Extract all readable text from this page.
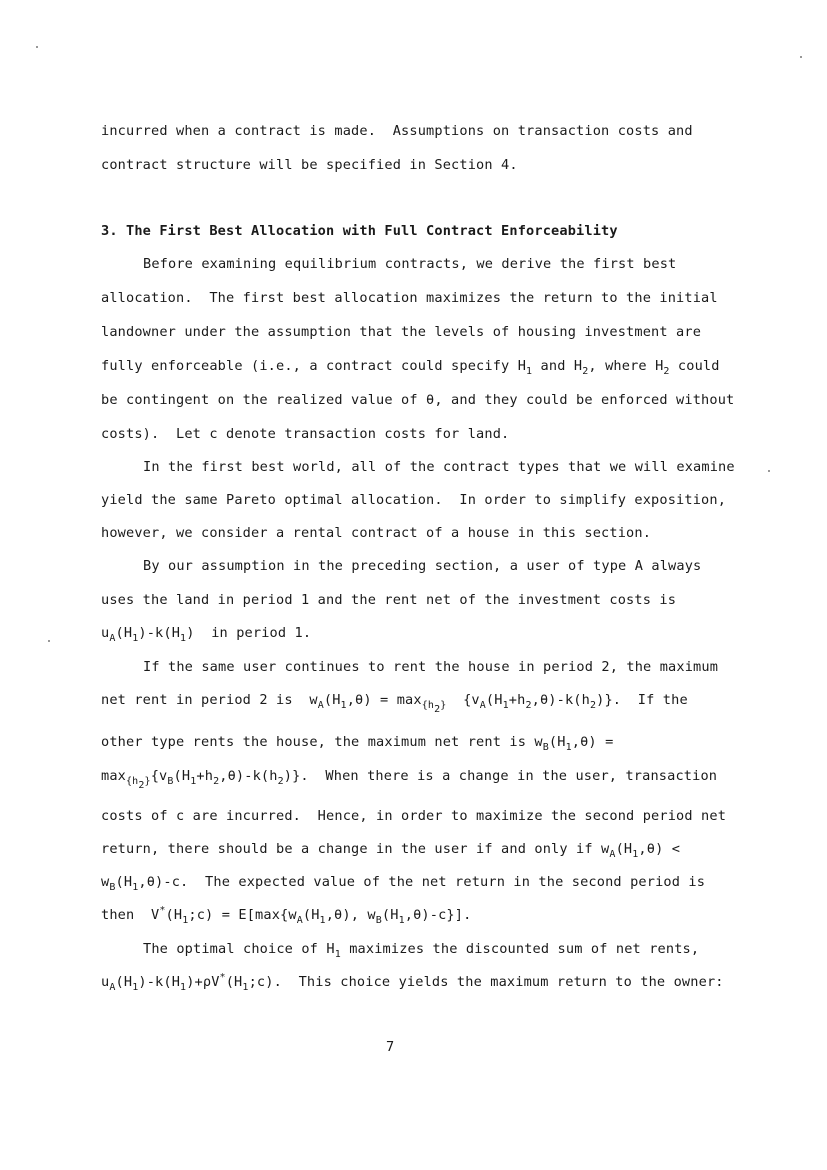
incurred when a contract is made.  Assumptions on transaction costs and
contract structure will be specified in Section 4.
3. The First Best Allocation with Full Contract Enforceability
Before examining equilibrium contracts, we derive the first best
allocation.  The first best allocation maximizes the return to the initial
landowner under the assumption that the levels of housing investment are
fully enforceable (i.e., a contract could specify $H_1$ and $H_2$, where $H_2$ could
be contingent on the realized value of θ, and they could be enforced without
costs).  Let c denote transaction costs for land.
In the first best world, all of the contract types that we will examine
yield the same Pareto optimal allocation.  In order to simplify exposition,
however, we consider a rental contract of a house in this section.
By our assumption in the preceding section, a user of type A always
uses the land in period 1 and the rent net of the investment costs is
$u_A(H_1)-k(H_1)$  in period 1.
If the same user continues to rent the house in period 2, the maximum
net rent in period 2 is  $w_A(H_1,\theta) = \max_{\{h_2\}} \{v_A(H_1+h_2,\theta)-k(h_2)\}$.  If the
other type rents the house, the maximum net rent is $w_B(H_1,\theta)$ =
$\max_{\{h_2\}}\{v_B(H_1+h_2,\theta)-k(h_2)\}$.  When there is a change in the user, transaction
costs of c are incurred.  Hence, in order to maximize the second period net
return, there should be a change in the user if and only if $w_A(H_1,\theta)$ <
$w_B(H_1,\theta)-c$.  The expected value of the net return in the second period is
then  $V^*(H_1;c) = E[\max\{w_A(H_1,\theta)$, $w_B(H_1,\theta)-c$}].
The optimal choice of $H_1$ maximizes the discounted sum of net rents,
$u_A(H_1)-k(H_1)+\rho V^*(H_1;c)$.  This choice yields the maximum return to the owner:
7
